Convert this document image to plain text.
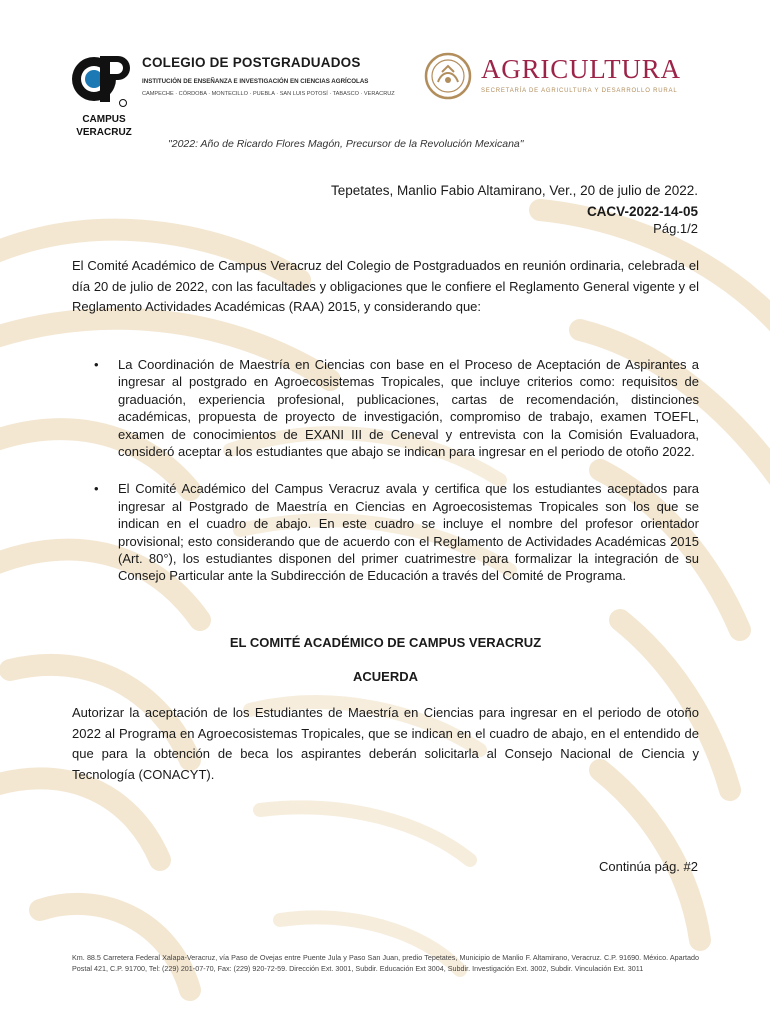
CAMPUS
VERACRUZ
COLEGIO DE POSTGRADUADOS
INSTITUCIÓN DE ENSEÑANZA E INVESTIGACIÓN EN CIENCIAS AGRÍCOLAS
CAMPECHE · CÓRDOBA · MONTECILLO · PUEBLA · SAN LUIS POTOSÍ · TABASCO · VERACRUZ
AGRICULTURA
SECRETARÍA DE AGRICULTURA Y DESARROLLO RURAL
"2022: Año de Ricardo Flores Magón, Precursor de la Revolución Mexicana"
Tepetates, Manlio Fabio Altamirano, Ver., 20 de julio de 2022.
CACV-2022-14-05
Pág.1/2
El Comité Académico de Campus Veracruz del Colegio de Postgraduados en reunión ordinaria, celebrada el día 20 de julio de 2022, con las facultades y obligaciones que le confiere el Reglamento General vigente y el Reglamento Actividades Académicas (RAA) 2015, y considerando que:
• La Coordinación de Maestría en Ciencias con base en el Proceso de Aceptación de Aspirantes a ingresar al postgrado en Agroecosistemas Tropicales, que incluye criterios como: requisitos de graduación, experiencia profesional, publicaciones, cartas de recomendación, distinciones académicas, propuesta de proyecto de investigación, compromiso de trabajo, examen TOEFL, examen de conocimientos de EXANI III de Ceneval y entrevista con la Comisión Evaluadora, consideró aceptar a los estudiantes que abajo se indican para ingresar en el periodo de otoño 2022.
• El Comité Académico del Campus Veracruz avala y certifica que los estudiantes aceptados para ingresar al Postgrado de Maestría en Ciencias en Agroecosistemas Tropicales son los que se indican en el cuadro de abajo. En este cuadro se incluye el nombre del profesor orientador provisional; esto considerando que de acuerdo con el Reglamento de Actividades Académicas 2015 (Art. 80°), los estudiantes disponen del primer cuatrimestre para formalizar la integración de su Consejo Particular ante la Subdirección de Educación a través del Comité de Programa.
EL COMITÉ ACADÉMICO DE CAMPUS VERACRUZ
ACUERDA
Autorizar la aceptación de los Estudiantes de Maestría en Ciencias para ingresar en el periodo de otoño 2022 al Programa en Agroecosistemas Tropicales, que se indican en el cuadro de abajo, en el entendido de que para la obtención de beca los aspirantes deberán solicitarla al Consejo Nacional de Ciencia y Tecnología (CONACYT).
Continúa pág. #2
Km. 88.5 Carretera Federal Xalapa-Veracruz, vía Paso de Ovejas entre Puente Jula y Paso San Juan, predio Tepetates, Municipio de Manlio F. Altamirano, Veracruz. C.P. 91690. México. Apartado Postal 421, C.P. 91700, Tel: (229) 201-07-70, Fax: (229) 920-72-59. Dirección Ext. 3001, Subdir. Educación Ext 3004, Subdir. Investigación Ext. 3002, Subdir. Vinculación Ext. 3011
